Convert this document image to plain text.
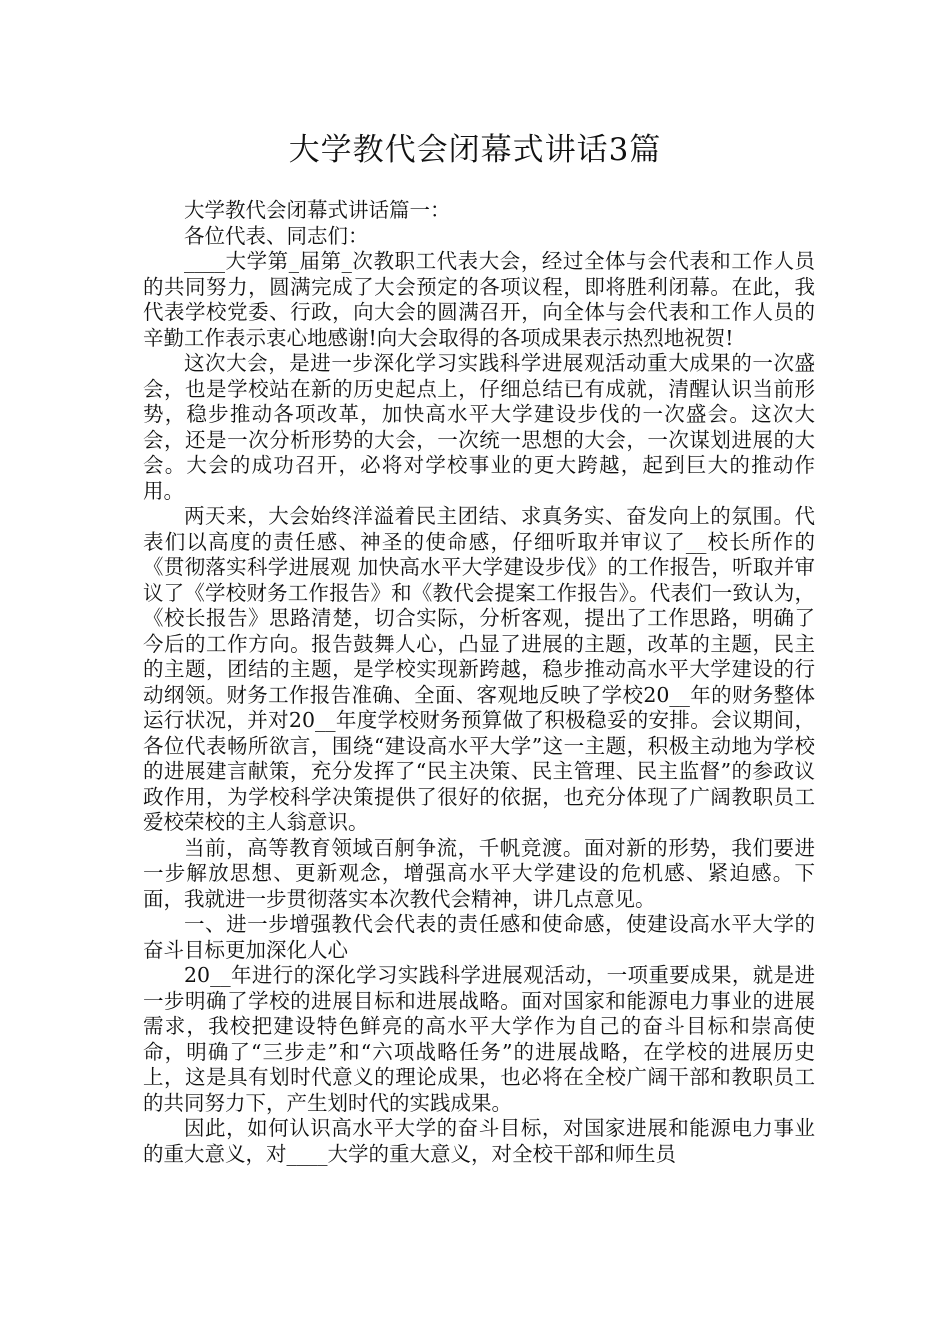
大学教代会闭幕式讲话3篇

大学教代会闭幕式讲话篇一：

各位代表、同志们：

____大学第_届第_次教职工代表大会，经过全体与会代表和工作人员的共同努力，圆满完成了大会预定的各项议程，即将胜利闭幕。在此，我代表学校党委、行政，向大会的圆满召开，向全体与会代表和工作人员的辛勤工作表示衷心地感谢!向大会取得的各项成果表示热烈地祝贺!

这次大会，是进一步深化学习实践科学进展观活动重大成果的一次盛会，也是学校站在新的历史起点上，仔细总结已有成就，清醒认识当前形势，稳步推动各项改革，加快高水平大学建设步伐的一次盛会。这次大会，还是一次分析形势的大会，一次统一思想的大会，一次谋划进展的大会。大会的成功召开，必将对学校事业的更大跨越，起到巨大的推动作用。

两天来，大会始终洋溢着民主团结、求真务实、奋发向上的氛围。代表们以高度的责任感、神圣的使命感，仔细听取并审议了__校长所作的《贯彻落实科学进展观 加快高水平大学建设步伐》的工作报告，听取并审议了《学校财务工作报告》和《教代会提案工作报告》。代表们一致认为，《校长报告》思路清楚，切合实际，分析客观，提出了工作思路，明确了今后的工作方向。报告鼓舞人心，凸显了进展的主题，改革的主题，民主的主题，团结的主题，是学校实现新跨越，稳步推动高水平大学建设的行动纲领。财务工作报告准确、全面、客观地反映了学校20__年的财务整体运行状况，并对20__年度学校财务预算做了积极稳妥的安排。会议期间，各位代表畅所欲言，围绕“建设高水平大学”这一主题，积极主动地为学校的进展建言献策，充分发挥了“民主决策、民主管理、民主监督”的参政议政作用，为学校科学决策提供了很好的依据，也充分体现了广阔教职员工爱校荣校的主人翁意识。

当前，高等教育领域百舸争流，千帆竞渡。面对新的形势，我们要进一步解放思想、更新观念，增强高水平大学建设的危机感、紧迫感。下面，我就进一步贯彻落实本次教代会精神，讲几点意见。

一、进一步增强教代会代表的责任感和使命感，使建设高水平大学的奋斗目标更加深化人心

20__年进行的深化学习实践科学进展观活动，一项重要成果，就是进一步明确了学校的进展目标和进展战略。面对国家和能源电力事业的进展需求，我校把建设特色鲜亮的高水平大学作为自己的奋斗目标和崇高使命，明确了“三步走”和“六项战略任务”的进展战略，在学校的进展历史上，这是具有划时代意义的理论成果，也必将在全校广阔干部和教职员工的共同努力下，产生划时代的实践成果。

因此，如何认识高水平大学的奋斗目标，对国家进展和能源电力事业的重大意义，对____大学的重大意义，对全校干部和师生员
